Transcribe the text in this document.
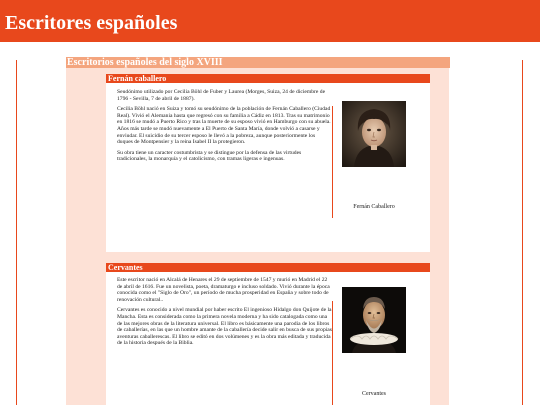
Escritores españoles
Escritorios españoles del siglo XVIII
Fernán caballero

Seudónimo utilizado por Cecilia Böhl de Fuber y Laurea (Morges, Suiza, 24 de diciembre de 1796 - Sevilla, 7 de abril de 1887).

Cecilia Böhl nació en Suiza y tomó su seudónimo de la población de Fernán Caballero (Ciudad Real). Vivió el Alemania hasta que regresó con su familia a Cádiz en 1813. Tras su matrimonio en 1816 se mudó a Puerto Rico y tras la muerte de su esposo vivió en Hamburgo con su abuela. Años más tarde se mudó nuevamente a El Puerto de Santa María, donde volvió a casarse y enviudar. El suicidio de su tercer esposo le llevó a la pobreza, aunque posteriormente los duques de Montpensier y la reina Isabel II la protegieron.

Su obra tiene un caracter costumbrista y se distingue por la defensa de las virtudes tradicionales, la monarquía y el catolicismo, con tramas ligeras e ingenuas.

Fernán Caballero
Cervantes

Este escritor nació en Alcalá de Henares el 29 de septiembre de 1547 y murió en Madrid el 22 de abril de 1616. Fue un novelista, poeta, dramaturgo e incluso soldado. Vivió durante la época conocida como el "Siglo de Oro", un período de mucha prosperidad en España y sobre todo de renovación cultural..

Cervantes es conocido a nivel mundial por haber escrito El ingenioso Hidalgo don Quijote de la Mancha. Esta es considerada como la primera novela moderna y ha sido catalogada como una de las mejores obras de la literatura universal. El libro es básicamente una parodia de los libros de caballerías, en las que un hombre amante de la caballería decide salir en busca de sus propias aventuras caballerescas. El libro se editó en dos volúmenes y es la obra más editada y traducida de la historia después de la Biblia.

Cervantes
